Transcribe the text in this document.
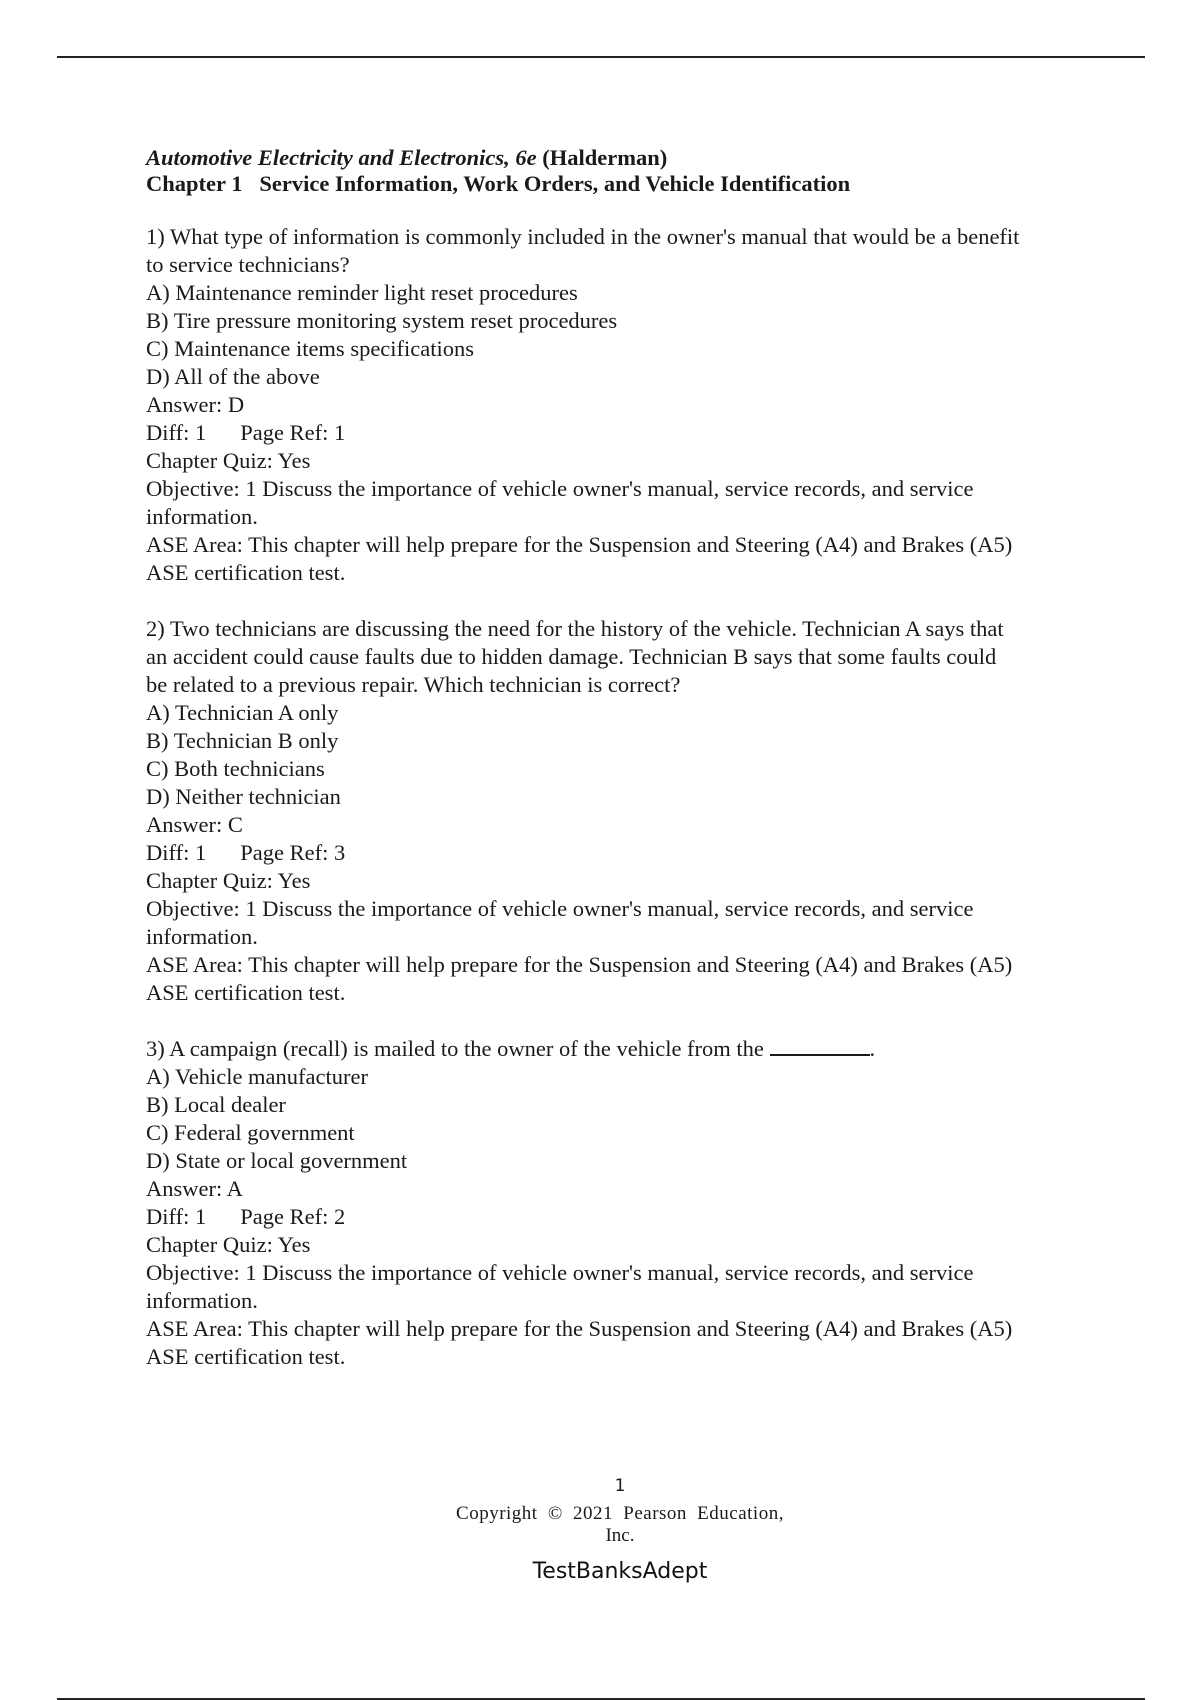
Automotive Electricity and Electronics, 6e (Halderman)
Chapter 1 Service Information, Work Orders, and Vehicle Identification
1) What type of information is commonly included in the owner's manual that would be a benefit
to service technicians?
A) Maintenance reminder light reset procedures
B) Tire pressure monitoring system reset procedures
C) Maintenance items specifications
D) All of the above
Answer: D
Diff: 1 Page Ref: 1
Chapter Quiz: Yes
Objective: 1 Discuss the importance of vehicle owner's manual, service records, and service
information.
ASE Area: This chapter will help prepare for the Suspension and Steering (A4) and Brakes (A5)
ASE certification test.
2) Two technicians are discussing the need for the history of the vehicle. Technician A says that
an accident could cause faults due to hidden damage. Technician B says that some faults could
be related to a previous repair. Which technician is correct?
A) Technician A only
B) Technician B only
C) Both technicians
D) Neither technician
Answer: C
Diff: 1 Page Ref: 3
Chapter Quiz: Yes
Objective: 1 Discuss the importance of vehicle owner's manual, service records, and service
information.
ASE Area: This chapter will help prepare for the Suspension and Steering (A4) and Brakes (A5)
ASE certification test.
3) A campaign (recall) is mailed to the owner of the vehicle from the	.
A) Vehicle manufacturer
B) Local dealer
C) Federal government
D) State or local government
Answer: A
Diff: 1 Page Ref: 2
Chapter Quiz: Yes
Objective: 1 Discuss the importance of vehicle owner's manual, service records, and service
information.
ASE Area: This chapter will help prepare for the Suspension and Steering (A4) and Brakes (A5)
ASE certification test.
1
Copyright © 2021 Pearson Education,
Inc.
TestBanksAdept
